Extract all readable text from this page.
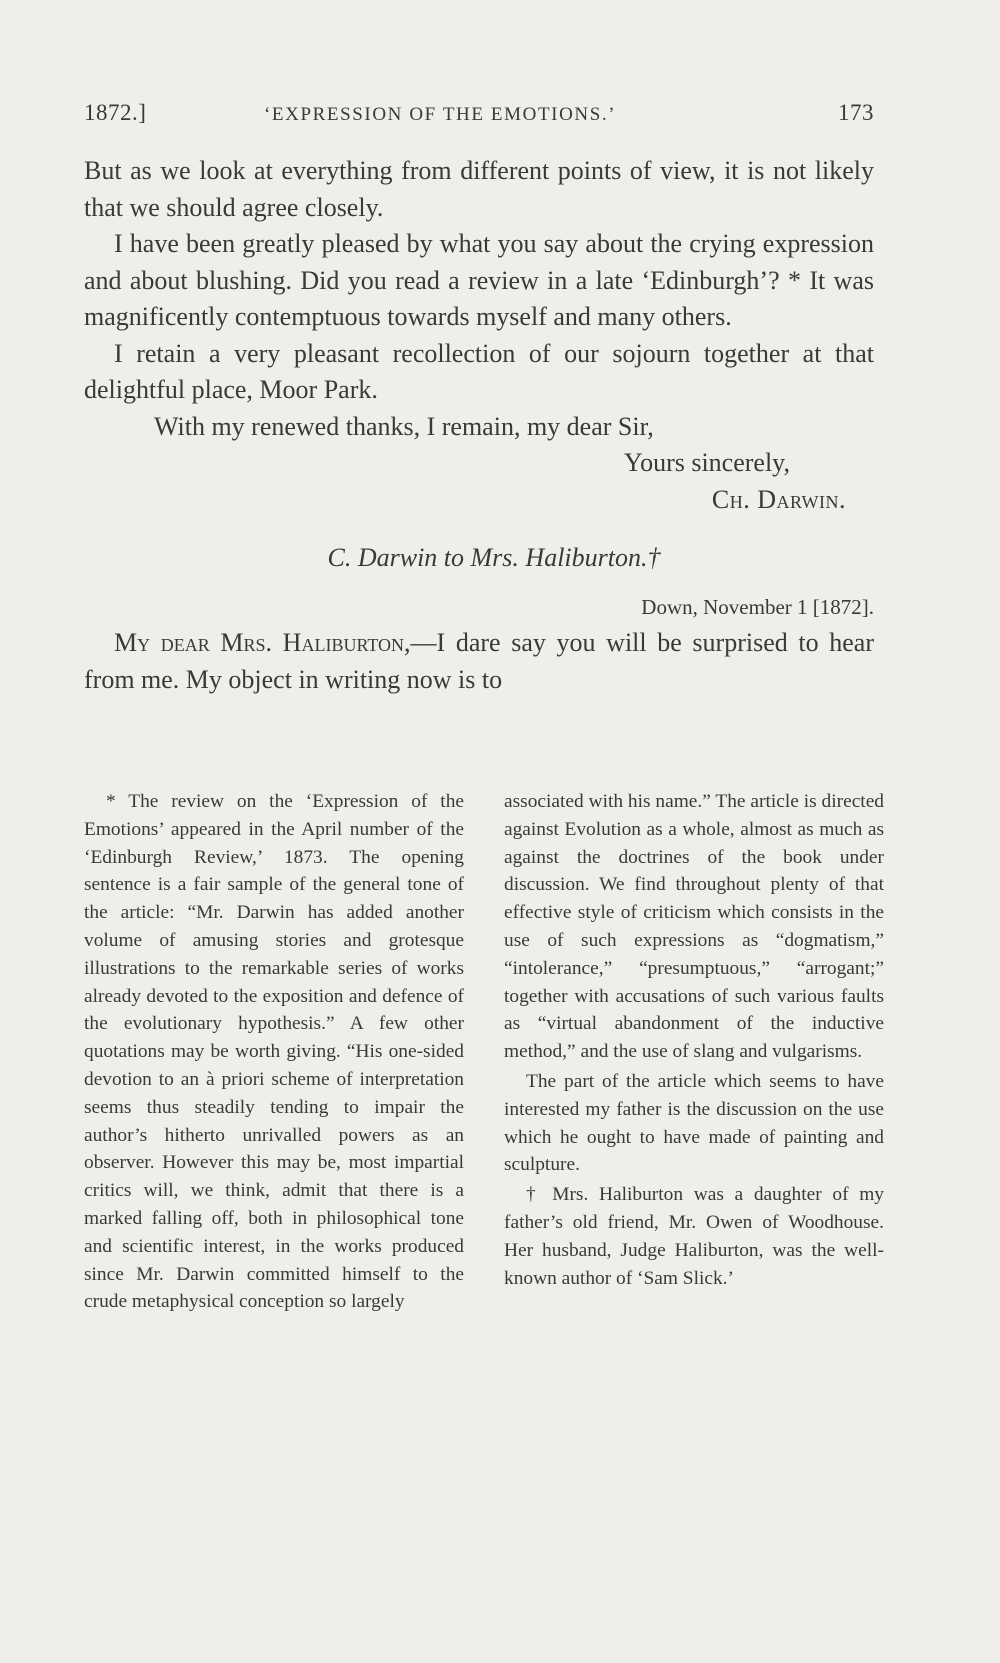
1872.]	‘EXPRESSION OF THE EMOTIONS.’	173

But as we look at everything from different points of view, it is not likely that we should agree closely.

I have been greatly pleased by what you say about the crying expression and about blushing. Did you read a review in a late ‘Edinburgh’? * It was magnificently contemptuous towards myself and many others.

I retain a very pleasant recollection of our sojourn together at that delightful place, Moor Park.

With my renewed thanks, I remain, my dear Sir,

Yours sincerely,

Ch. Darwin.

C. Darwin to Mrs. Haliburton.†
Down, November 1 [1872].

My dear Mrs. Haliburton,—I dare say you will be surprised to hear from me. My object in writing now is to

* The review on the ‘Expression of the Emotions’ appeared in the April number of the ‘Edinburgh Review,’ 1873. The opening sentence is a fair sample of the general tone of the article: “Mr. Darwin has added another volume of amusing stories and grotesque illustrations to the remarkable series of works already devoted to the exposition and defence of the evolutionary hypothesis.” A few other quotations may be worth giving. “His one-sided devotion to an à priori scheme of interpretation seems thus steadily tending to impair the author’s hitherto unrivalled powers as an observer. However this may be, most impartial critics will, we think, admit that there is a marked falling off, both in philosophical tone and scientific interest, in the works produced since Mr. Darwin committed himself to the crude metaphysical conception so largely

associated with his name.” The article is directed against Evolution as a whole, almost as much as against the doctrines of the book under discussion. We find throughout plenty of that effective style of criticism which consists in the use of such expressions as “dogmatism,” “intolerance,” “presumptuous,” “arrogant;” together with accusations of such various faults as “virtual abandonment of the inductive method,” and the use of slang and vulgarisms.

The part of the article which seems to have interested my father is the discussion on the use which he ought to have made of painting and sculpture.

† Mrs. Haliburton was a daughter of my father’s old friend, Mr. Owen of Woodhouse. Her husband, Judge Haliburton, was the well-known author of ‘Sam Slick.’
